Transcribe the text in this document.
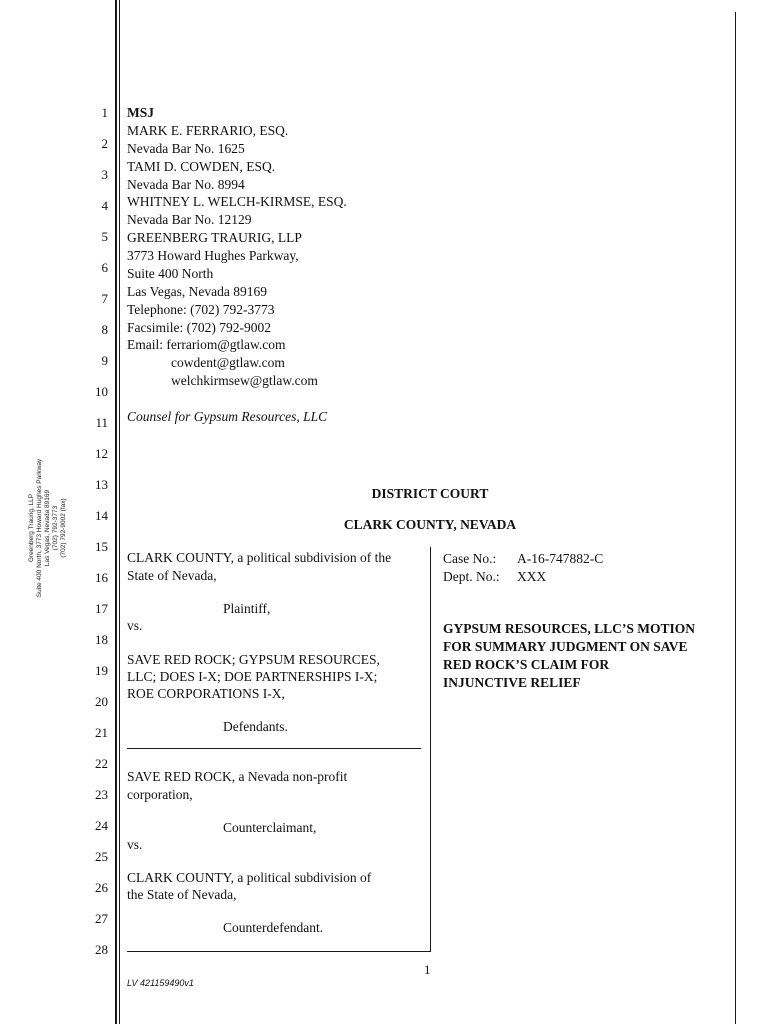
Greenberg Traurig, LLP Suite 400 North, 3773 Howard Hughes Parkway Las Vegas, Nevada 89169 (702) 792-3773 (702) 792-9002 (fax)
1
2
3
4
5
6
7
8
9
10
11
12
13
14
15
16
17
18
19
20
21
22
23
24
25
26
27
28
MSJ
MARK E. FERRARIO, ESQ.
Nevada Bar No. 1625
TAMI D. COWDEN, ESQ.
Nevada Bar No. 8994
WHITNEY L. WELCH-KIRMSE, ESQ.
Nevada Bar No. 12129
GREENBERG TRAURIG, LLP
3773 Howard Hughes Parkway,
Suite 400 North
Las Vegas, Nevada 89169
Telephone: (702) 792-3773
Facsimile: (702) 792-9002
Email: ferrariom@gtlaw.com
cowdent@gtlaw.com
welchkirmsew@gtlaw.com
Counsel for Gypsum Resources, LLC
DISTRICT COURT
CLARK COUNTY, NEVADA
CLARK COUNTY, a political subdivision of the
State of Nevada,
Plaintiff,
vs.
SAVE RED ROCK; GYPSUM RESOURCES,
LLC; DOES I-X; DOE PARTNERSHIPS I-X;
ROE CORPORATIONS I-X,
Defendants.
SAVE RED ROCK, a Nevada non-profit
corporation,
Counterclaimant,
vs.
CLARK COUNTY, a political subdivision of
the State of Nevada,
Counterdefendant.
Case No.: A-16-747882-C
Dept. No.: XXX
GYPSUM RESOURCES, LLC’S MOTION
FOR SUMMARY JUDGMENT ON SAVE
RED ROCK’S CLAIM FOR
INJUNCTIVE RELIEF
1
LV 421159490v1
